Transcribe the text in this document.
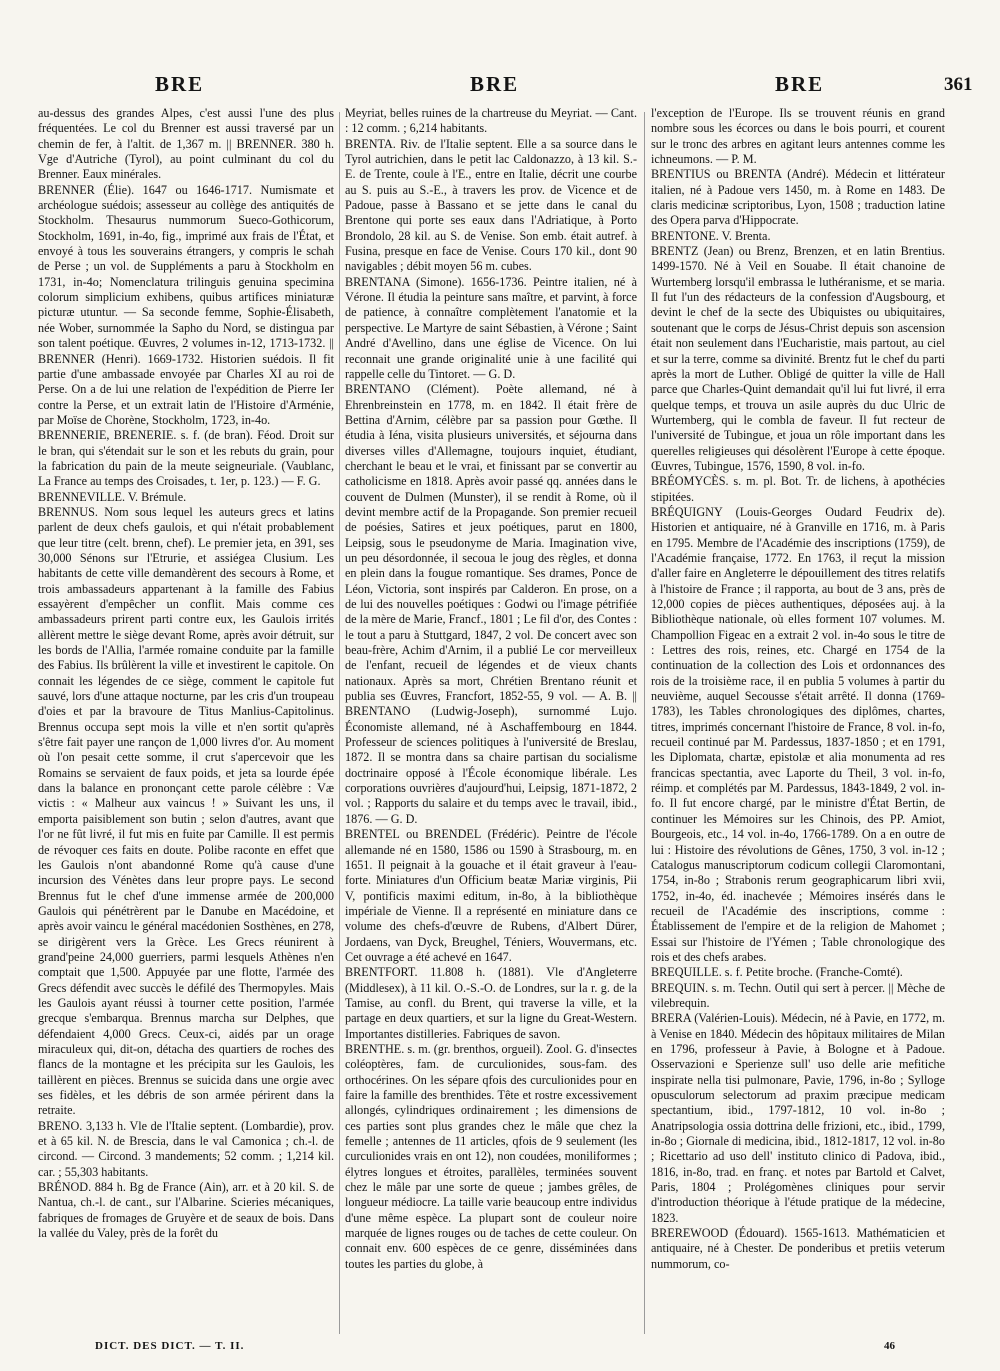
BRE	BRE	BRE	361

au-dessus des grandes Alpes, c'est aussi l'une des plus fréquentées. Le col du Brenner est aussi traversé par un chemin de fer, à l'altit. de 1,367 m. || BRENNER. 380 h. Vge d'Autriche (Tyrol), au point culminant du col du Brenner. Eaux minérales.

BRENNER (Élie). 1647 ou 1646-1717. Numismate et archéologue suédois; assesseur au collège des antiquités de Stockholm. Thesaurus nummorum Sueco-Gothicorum, Stockholm, 1691, in-4o, fig., imprimé aux frais de l'État, et envoyé à tous les souverains étrangers, y compris le schah de Perse ; un vol. de Suppléments a paru à Stockholm en 1731, in-4o; Nomenclatura trilinguis genuina specimina colorum simplicium exhibens, quibus artifices miniaturæ picturæ utuntur. — Sa seconde femme, Sophie-Élisabeth, née Wober, surnommée la Sapho du Nord, se distingua par son talent poétique. Œuvres, 2 volumes in-12, 1713-1732. || BRENNER (Henri). 1669-1732. Historien suédois. Il fit partie d'une ambassade envoyée par Charles XI au roi de Perse. On a de lui une relation de l'expédition de Pierre Ier contre la Perse, et un extrait latin de l'Histoire d'Arménie, par Moïse de Chorène, Stockholm, 1723, in-4o.

BRENNERIE, BRENERIE. s. f. (de bran). Féod. Droit sur le bran, qui s'étendait sur le son et les rebuts du grain, pour la fabrication du pain de la meute seigneuriale. (Vaublanc, La France au temps des Croisades, t. 1er, p. 123.) — F. G.

BRENNEVILLE. V. Brémule.

BRENNUS. Nom sous lequel les auteurs grecs et latins parlent de deux chefs gaulois, et qui n'était probablement que leur titre (celt. brenn, chef). Le premier jeta, en 391, ses 30,000 Sénons sur l'Etrurie, et assiégea Clusium. Les habitants de cette ville demandèrent des secours à Rome, et trois ambassadeurs appartenant à la famille des Fabius essayèrent d'empêcher un conflit. Mais comme ces ambassadeurs prirent parti contre eux, les Gaulois irrités allèrent mettre le siège devant Rome, après avoir détruit, sur les bords de l'Allia, l'armée romaine conduite par la famille des Fabius. Ils brûlèrent la ville et investirent le capitole. On connait les légendes de ce siège, comment le capitole fut sauvé, lors d'une attaque nocturne, par les cris d'un troupeau d'oies et par la bravoure de Titus Manlius-Capitolinus. Brennus occupa sept mois la ville et n'en sortit qu'après s'être fait payer une rançon de 1,000 livres d'or. Au moment où l'on pesait cette somme, il crut s'apercevoir que les Romains se servaient de faux poids, et jeta sa lourde épée dans la balance en prononçant cette parole célèbre : Væ victis : « Malheur aux vaincus ! » Suivant les uns, il emporta paisiblement son butin ; selon d'autres, avant que l'or ne fût livré, il fut mis en fuite par Camille. Il est permis de révoquer ces faits en doute. Polibe raconte en effet que les Gaulois n'ont abandonné Rome qu'à cause d'une incursion des Vénètes dans leur propre pays. Le second Brennus fut le chef d'une immense armée de 200,000 Gaulois qui pénétrèrent par le Danube en Macédoine, et après avoir vaincu le général macédonien Sosthènes, en 278, se dirigèrent vers la Grèce. Les Grecs réunirent à grand'peine 24,000 guerriers, parmi lesquels Athènes n'en comptait que 1,500. Appuyée par une flotte, l'armée des Grecs défendit avec succès le défilé des Thermopyles. Mais les Gaulois ayant réussi à tourner cette position, l'armée grecque s'embarqua. Brennus marcha sur Delphes, que défendaient 4,000 Grecs. Ceux-ci, aidés par un orage miraculeux qui, dit-on, détacha des quartiers de roches des flancs de la montagne et les précipita sur les Gaulois, les taillèrent en pièces. Brennus se suicida dans une orgie avec ses fidèles, et les débris de son armée périrent dans la retraite.

BRENO. 3,133 h. Vle de l'Italie septent. (Lombardie), prov. et à 65 kil. N. de Brescia, dans le val Camonica ; ch.-l. de circond. — Circond. 3 mandements; 52 comm. ; 1,214 kil. car. ; 55,303 habitants.

BRÉNOD. 884 h. Bg de France (Ain), arr. et à 20 kil. S. de Nantua, ch.-l. de cant., sur l'Albarine. Scieries mécaniques, fabriques de fromages de Gruyère et de seaux de bois. Dans la vallée du Valey, près de la forêt du

Meyriat, belles ruines de la chartreuse du Meyriat. — Cant. : 12 comm. ; 6,214 habitants.

BRENTA. Riv. de l'Italie septent. Elle a sa source dans le Tyrol autrichien, dans le petit lac Caldonazzo, à 13 kil. S.-E. de Trente, coule à l'E., entre en Italie, décrit une courbe au S. puis au S.-E., à travers les prov. de Vicence et de Padoue, passe à Bassano et se jette dans le canal du Brentone qui porte ses eaux dans l'Adriatique, à Porto Brondolo, 28 kil. au S. de Venise. Son emb. était autref. à Fusina, presque en face de Venise. Cours 170 kil., dont 90 navigables ; débit moyen 56 m. cubes.

BRENTANA (Simone). 1656-1736. Peintre italien, né à Vérone. Il étudia la peinture sans maître, et parvint, à force de patience, à connaître complètement l'anatomie et la perspective. Le Martyre de saint Sébastien, à Vérone ; Saint André d'Avellino, dans une église de Vicence. On lui reconnait une grande originalité unie à une facilité qui rappelle celle du Tintoret. — G. D.

BRENTANO (Clément). Poète allemand, né à Ehrenbreinstein en 1778, m. en 1842. Il était frère de Bettina d'Arnim, célèbre par sa passion pour Gœthe. Il étudia à Iéna, visita plusieurs universités, et séjourna dans diverses villes d'Allemagne, toujours inquiet, étudiant, cherchant le beau et le vrai, et finissant par se convertir au catholicisme en 1818. Après avoir passé qq. années dans le couvent de Dulmen (Munster), il se rendit à Rome, où il devint membre actif de la Propagande. Son premier recueil de poésies, Satires et jeux poétiques, parut en 1800, Leipsig, sous le pseudonyme de Maria. Imagination vive, un peu désordonnée, il secoua le joug des règles, et donna en plein dans la fougue romantique. Ses drames, Ponce de Léon, Victoria, sont inspirés par Calderon. En prose, on a de lui des nouvelles poétiques : Godwi ou l'image pétrifiée de la mère de Marie, Francf., 1801 ; Le fil d'or, des Contes : le tout a paru à Stuttgard, 1847, 2 vol. De concert avec son beau-frère, Achim d'Arnim, il a publié Le cor merveilleux de l'enfant, recueil de légendes et de vieux chants nationaux. Après sa mort, Chrétien Brentano réunit et publia ses Œuvres, Francfort, 1852-55, 9 vol. — A. B. || BRENTANO (Ludwig-Joseph), surnommé Lujo. Économiste allemand, né à Aschaffembourg en 1844. Professeur de sciences politiques à l'université de Breslau, 1872. Il se montra dans sa chaire partisan du socialisme doctrinaire opposé à l'École économique libérale. Les corporations ouvrières d'aujourd'hui, Leipsig, 1871-1872, 2 vol. ; Rapports du salaire et du temps avec le travail, ibid., 1876. — G. D.

BRENTEL ou BRENDEL (Frédéric). Peintre de l'école allemande né en 1580, 1586 ou 1590 à Strasbourg, m. en 1651. Il peignait à la gouache et il était graveur à l'eau-forte. Miniatures d'un Officium beatæ Mariæ virginis, Pii V, pontificis maximi editum, in-8o, à la bibliothèque impériale de Vienne. Il a représenté en miniature dans ce volume des chefs-d'œuvre de Rubens, d'Albert Dürer, Jordaens, van Dyck, Breughel, Téniers, Wouvermans, etc. Cet ouvrage a été achevé en 1647.

BRENTFORT. 11.808 h. (1881). Vle d'Angleterre (Middlesex), à 11 kil. O.-S.-O. de Londres, sur la r. g. de la Tamise, au confl. du Brent, qui traverse la ville, et la partage en deux quartiers, et sur la ligne du Great-Western. Importantes distilleries. Fabriques de savon.

BRENTHE. s. m. (gr. brenthos, orgueil). Zool. G. d'insectes coléoptères, fam. de curculionides, sous-fam. des orthocérines. On les sépare qfois des curculionides pour en faire la famille des brenthides. Tête et rostre excessivement allongés, cylindriques ordinairement ; les dimensions de ces parties sont plus grandes chez le mâle que chez la femelle ; antennes de 11 articles, qfois de 9 seulement (les curculionides vrais en ont 12), non coudées, moniliformes ; élytres longues et étroites, parallèles, terminées souvent chez le mâle par une sorte de queue ; jambes grêles, de longueur médiocre. La taille varie beaucoup entre individus d'une même espèce. La plupart sont de couleur noire marquée de lignes rouges ou de taches de cette couleur. On connait env. 600 espèces de ce genre, disséminées dans toutes les parties du globe, à

l'exception de l'Europe. Ils se trouvent réunis en grand nombre sous les écorces ou dans le bois pourri, et courent sur le tronc des arbres en agitant leurs antennes comme les ichneumons. — P. M.

BRENTIUS ou BRENTA (André). Médecin et littérateur italien, né à Padoue vers 1450, m. à Rome en 1483. De claris medicinæ scriptoribus, Lyon, 1508 ; traduction latine des Opera parva d'Hippocrate.

BRENTONE. V. Brenta.

BRENTZ (Jean) ou Brenz, Brenzen, et en latin Brentius. 1499-1570. Né à Veil en Souabe. Il était chanoine de Wurtemberg lorsqu'il embrassa le luthéranisme, et se maria. Il fut l'un des rédacteurs de la confession d'Augsbourg, et devint le chef de la secte des Ubiquistes ou ubiquitaires, soutenant que le corps de Jésus-Christ depuis son ascension était non seulement dans l'Eucharistie, mais partout, au ciel et sur la terre, comme sa divinité. Brentz fut le chef du parti après la mort de Luther. Obligé de quitter la ville de Hall parce que Charles-Quint demandait qu'il lui fut livré, il erra quelque temps, et trouva un asile auprès du duc Ulric de Wurtemberg, qui le combla de faveur. Il fut recteur de l'université de Tubingue, et joua un rôle important dans les querelles religieuses qui désolèrent l'Europe à cette époque. Œuvres, Tubingue, 1576, 1590, 8 vol. in-fo.

BRÉOMYCÈS. s. m. pl. Bot. Tr. de lichens, à apothécies stipitées.

BRÉQUIGNY (Louis-Georges Oudard Feudrix de). Historien et antiquaire, né à Granville en 1716, m. à Paris en 1795. Membre de l'Académie des inscriptions (1759), de l'Académie française, 1772. En 1763, il reçut la mission d'aller faire en Angleterre le dépouillement des titres relatifs à l'histoire de France ; il rapporta, au bout de 3 ans, près de 12,000 copies de pièces authentiques, déposées auj. à la Bibliothèque nationale, où elles forment 107 volumes. M. Champollion Figeac en a extrait 2 vol. in-4o sous le titre de : Lettres des rois, reines, etc. Chargé en 1754 de la continuation de la collection des Lois et ordonnances des rois de la troisième race, il en publia 5 volumes à partir du neuvième, auquel Secousse s'était arrêté. Il donna (1769-1783), les Tables chronologiques des diplômes, chartes, titres, imprimés concernant l'histoire de France, 8 vol. in-fo, recueil continué par M. Pardessus, 1837-1850 ; et en 1791, les Diplomata, chartæ, epistolæ et alia monumenta ad res francicas spectantia, avec Laporte du Theil, 3 vol. in-fo, réimp. et complétés par M. Pardessus, 1843-1849, 2 vol. in-fo. Il fut encore chargé, par le ministre d'État Bertin, de continuer les Mémoires sur les Chinois, des PP. Amiot, Bourgeois, etc., 14 vol. in-4o, 1766-1789. On a en outre de lui : Histoire des révolutions de Gênes, 1750, 3 vol. in-12 ; Catalogus manuscriptorum codicum collegii Claromontani, 1754, in-8o ; Strabonis rerum geographicarum libri xvii, 1752, in-4o, éd. inachevée ; Mémoires insérés dans le recueil de l'Académie des inscriptions, comme : Établissement de l'empire et de la religion de Mahomet ; Essai sur l'histoire de l'Yémen ; Table chronologique des rois et des chefs arabes.

BREQUILLE. s. f. Petite broche. (Franche-Comté).

BREQUIN. s. m. Techn. Outil qui sert à percer. || Mèche de vilebrequin.

BRERA (Valérien-Louis). Médecin, né à Pavie, en 1772, m. à Venise en 1840. Médecin des hôpitaux militaires de Milan en 1796, professeur à Pavie, à Bologne et à Padoue. Osservazioni e Sperienze sull' uso delle arie mefitiche inspirate nella tisi pulmonare, Pavie, 1796, in-8o ; Sylloge opusculorum selectorum ad praxim præcipue medicam spectantium, ibid., 1797-1812, 10 vol. in-8o ; Anatripsologia ossia dottrina delle frizioni, etc., ibid., 1799, in-8o ; Giornale di medicina, ibid., 1812-1817, 12 vol. in-8o ; Ricettario ad uso dell' instituto clinico di Padova, ibid., 1816, in-8o, trad. en franç. et notes par Bartold et Calvet, Paris, 1804 ; Prolégomènes cliniques pour servir d'introduction théorique à l'étude pratique de la médecine, 1823.

BREREWOOD (Édouard). 1565-1613. Mathématicien et antiquaire, né à Chester. De ponderibus et pretiis veterum nummorum, co-

DICT. DES DICT. — T. II.	46
